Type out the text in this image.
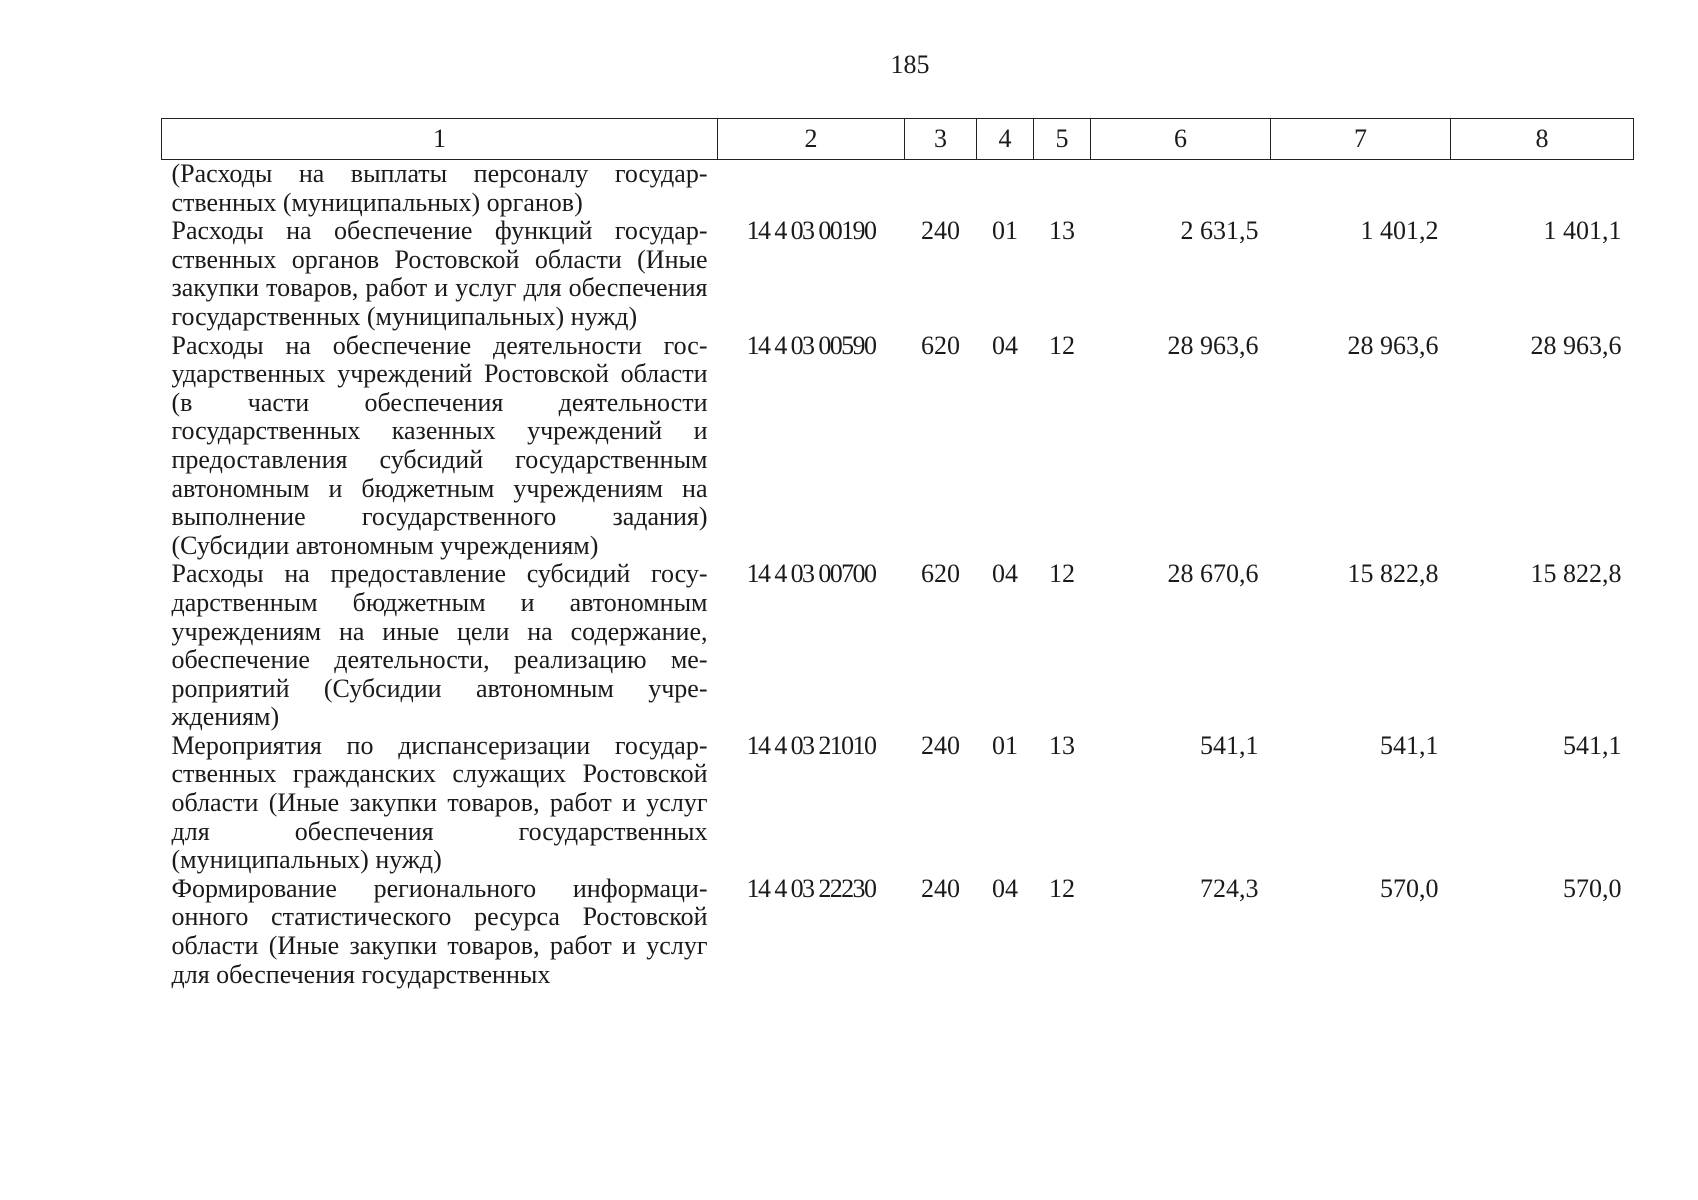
185
1	2	3	4	5	6	7	8
(Расходы на выплаты персоналу государственных (муниципальных) органов)							
Расходы на обеспечение функций государственных органов Ростовской области (Иные закупки товаров, работ и услуг для обеспечения государственных (муниципальных) нужд)	14 4 03 00190	240	01	13	2 631,5	1 401,2	1 401,1
Расходы на обеспечение деятельности государственных учреждений Ростовской области (в части обеспечения деятельности государственных казенных учреждений и предоставления субсидий государственным автономным и бюджетным учреждениям на выполнение государственного задания) (Субсидии автономным учреждениям)	14 4 03 00590	620	04	12	28 963,6	28 963,6	28 963,6
Расходы на предоставление субсидий государственным бюджетным и автономным учреждениям на иные цели на содержание, обеспечение деятельности, реализацию мероприятий (Субсидии автономным учреждениям)	14 4 03 00700	620	04	12	28 670,6	15 822,8	15 822,8
Мероприятия по диспансеризации государственных гражданских служащих Ростовской области (Иные закупки товаров, работ и услуг для обеспечения государственных (муниципальных) нужд)	14 4 03 21010	240	01	13	541,1	541,1	541,1
Формирование регионального информационного статистического ресурса Ростовской области (Иные закупки товаров, работ и услуг для обеспечения государственных	14 4 03 22230	240	04	12	724,3	570,0	570,0
